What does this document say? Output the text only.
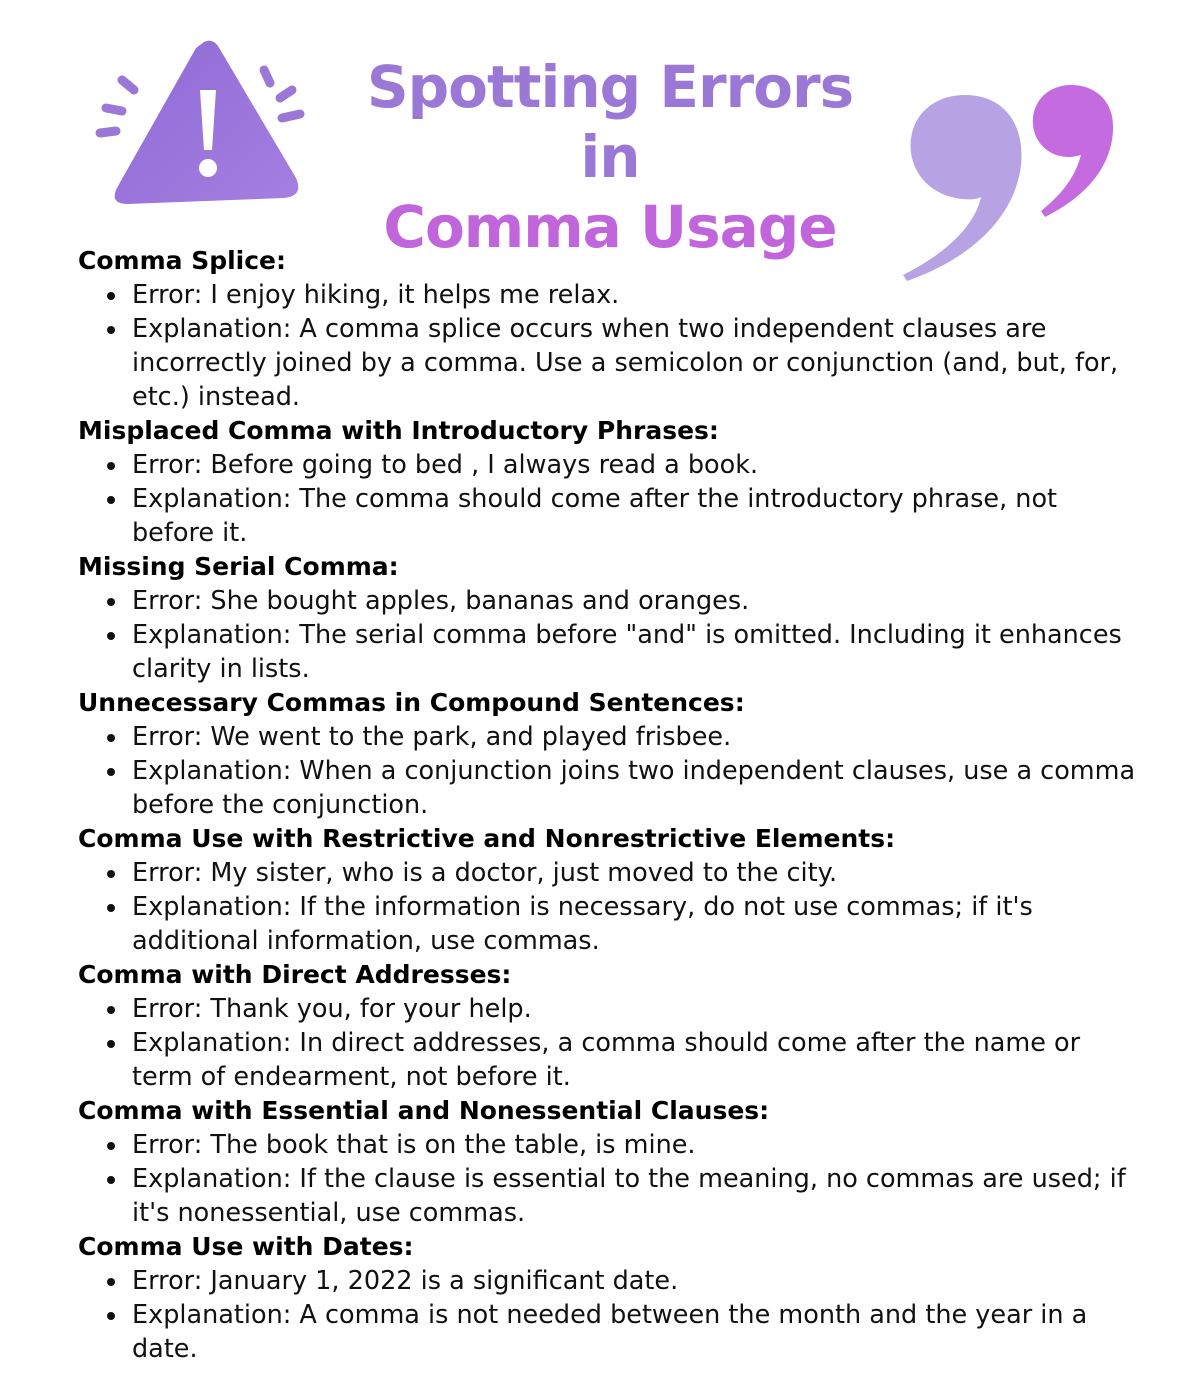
Spotting Errors in
Comma Usage
Comma Splice:
Error: I enjoy hiking, it helps me relax.
Explanation: A comma splice occurs when two independent clauses are incorrectly joined by a comma. Use a semicolon or conjunction (and, but, for, etc.) instead.
Misplaced Comma with Introductory Phrases:
Error: Before going to bed , I always read a book.
Explanation: The comma should come after the introductory phrase, not before it.
Missing Serial Comma:
Error: She bought apples, bananas and oranges.
Explanation: The serial comma before "and" is omitted. Including it enhances clarity in lists.
Unnecessary Commas in Compound Sentences:
Error: We went to the park, and played frisbee.
Explanation: When a conjunction joins two independent clauses, use a comma before the conjunction.
Comma Use with Restrictive and Nonrestrictive Elements:
Error: My sister, who is a doctor, just moved to the city.
Explanation: If the information is necessary, do not use commas; if it's additional information, use commas.
Comma with Direct Addresses:
Error: Thank you, for your help.
Explanation: In direct addresses, a comma should come after the name or term of endearment, not before it.
Comma with Essential and Nonessential Clauses:
Error: The book that is on the table, is mine.
Explanation: If the clause is essential to the meaning, no commas are used; if it's nonessential, use commas.
Comma Use with Dates:
Error: January 1, 2022 is a significant date.
Explanation: A comma is not needed between the month and the year in a date.
